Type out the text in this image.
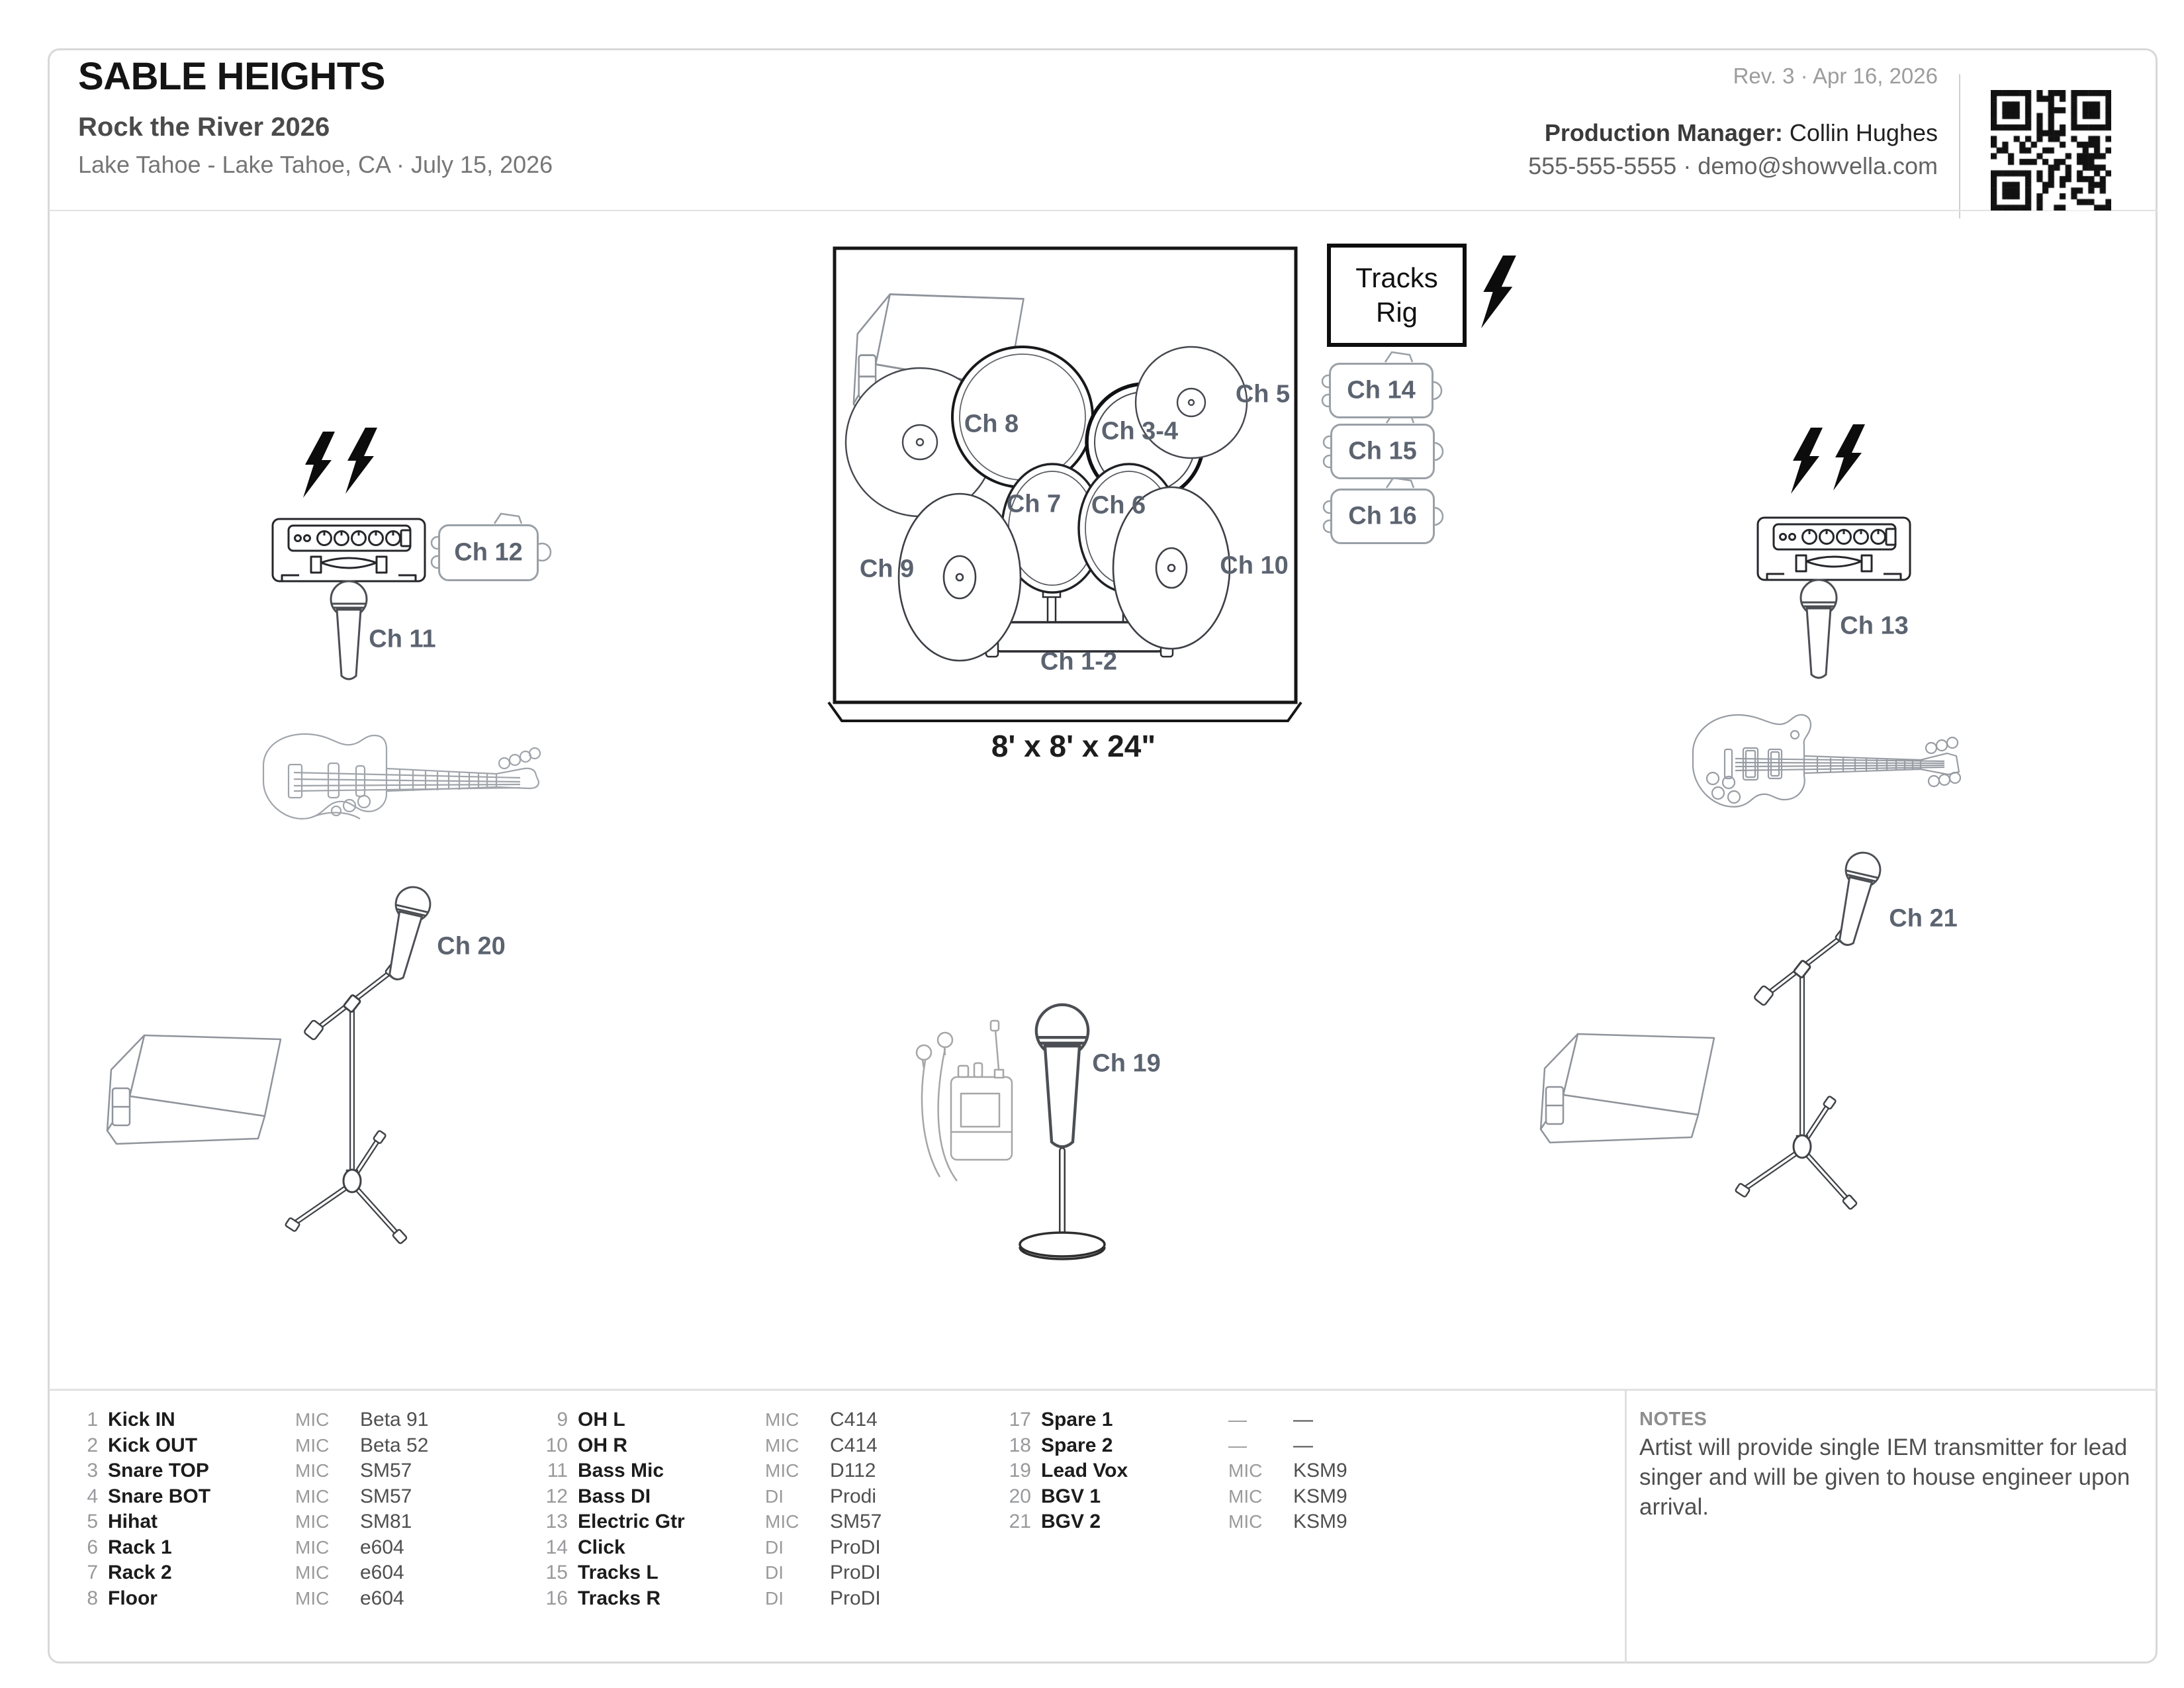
SABLE HEIGHTS
Rock the River 2026
Lake Tahoe - Lake Tahoe, CA · July 15, 2026
Rev. 3 · Apr 16, 2026
Production Manager: Collin Hughes
555-555-5555 · demo@showvella.com
Tracks Rig
8' x 8' x 24"
Ch 1-2
Ch 3-4
Ch 5
Ch 6
Ch 7
Ch 8
Ch 9	Ch 10
Ch 11
Ch 12
Ch 13
Ch 14
Ch 15
Ch 16
Ch 19
Ch 20
Ch 21
1 Kick IN	MIC	Beta 91
2 Kick OUT	MIC	Beta 52
3 Snare TOP	MIC	SM57
4 Snare BOT	MIC	SM57
5 Hihat	MIC	SM81
6 Rack 1	MIC	e604
7 Rack 2	MIC	e604
8 Floor	MIC	e604
9 OH L	MIC	C414
10 OH R	MIC	C414
11 Bass Mic	MIC	D112
12 Bass DI	DI	Prodi
13 Electric Gtr	MIC	SM57
14 Click	DI	ProDI
15 Tracks L	DI	ProDI
16 Tracks R	DI	ProDI
17 Spare 1	—	—
18 Spare 2	—	—
19 Lead Vox	MIC	KSM9
20 BGV 1	MIC	KSM9
21 BGV 2	MIC	KSM9
NOTES
Artist will provide single IEM transmitter for lead singer and will be given to house engineer upon arrival.
